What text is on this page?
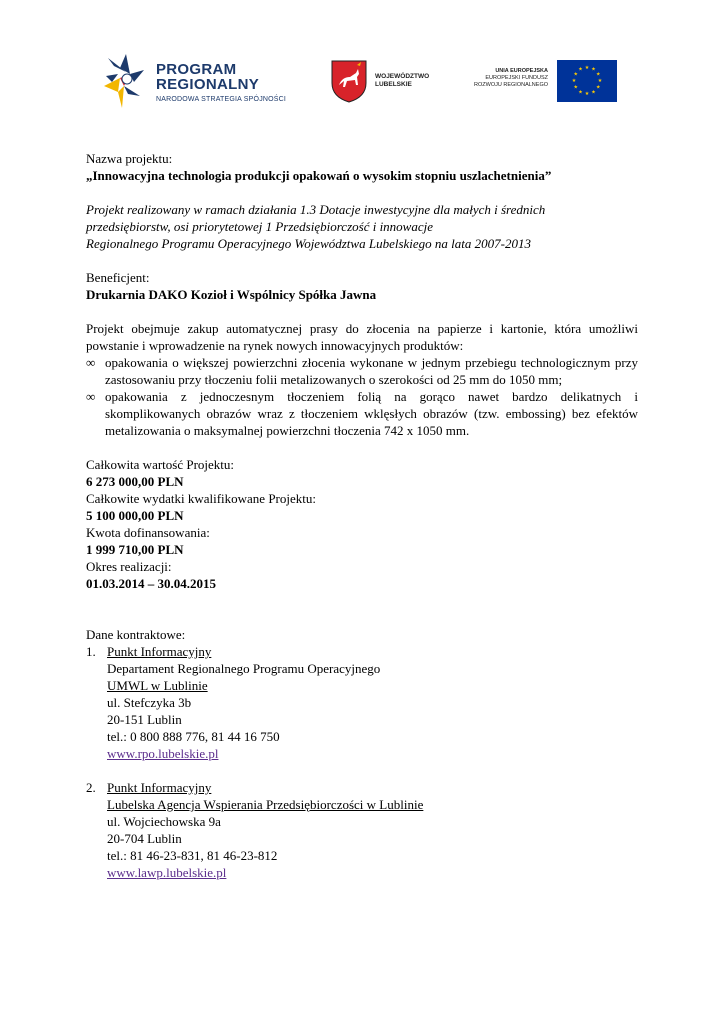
PROGRAM
REGIONALNY
NARODOWA STRATEGIA SPÓJNOŚCI
WOJEWÓDZTWO
LUBELSKIE
UNIA EUROPEJSKA
EUROPEJSKI FUNDUSZ
ROZWOJU REGIONALNEGO
★ ★
★
★
★
★
★
★
★
★
★
★

Nazwa projektu:

„Innowacyjna technologia produkcji opakowań o wysokim stopniu uszlachetnienia”

Projekt realizowany w ramach działania 1.3 Dotacje inwestycyjne dla małych i średnich

przedsiębiorstw, osi priorytetowej 1 Przedsiębiorczość i innowacje

Regionalnego Programu Operacyjnego Województwa Lubelskiego na lata 2007-2013

Beneficjent:

Drukarnia DAKO Kozioł i Wspólnicy Spółka Jawna

Projekt obejmuje zakup automatycznej prasy do złocenia na papierze i kartonie, która umożliwi powstanie i wprowadzenie na rynek nowych innowacyjnych produktów:

∞ opakowania o większej powierzchni złocenia wykonane w jednym przebiegu technologicznym przy zastosowaniu przy tłoczeniu folii metalizowanych o szerokości od 25 mm do 1050 mm;
∞ opakowania z jednoczesnym tłoczeniem folią na gorąco nawet bardzo delikatnych i skomplikowanych obrazów wraz z tłoczeniem wklęsłych obrazów (tzw. embossing) bez efektów metalizowania o maksymalnej powierzchni tłoczenia 742 x 1050 mm.

Całkowita wartość Projektu:

6 273 000,00 PLN

Całkowite wydatki kwalifikowane Projektu:

5 100 000,00 PLN

Kwota dofinansowania:

1 999 710,00 PLN

Okres realizacji:

01.03.2014 – 30.04.2015

Dane kontraktowe:

1. Punkt Informacyjny

Departament Regionalnego Programu Operacyjnego

UMWL w Lublinie

ul. Stefczyka 3b

20-151 Lublin

tel.: 0 800 888 776, 81 44 16 750

www.rpo.lubelskie.pl

2. Punkt Informacyjny

Lubelska Agencja Wspierania Przedsiębiorczości w Lublinie

ul. Wojciechowska 9a

20-704 Lublin

tel.: 81 46-23-831, 81 46-23-812

www.lawp.lubelskie.pl
